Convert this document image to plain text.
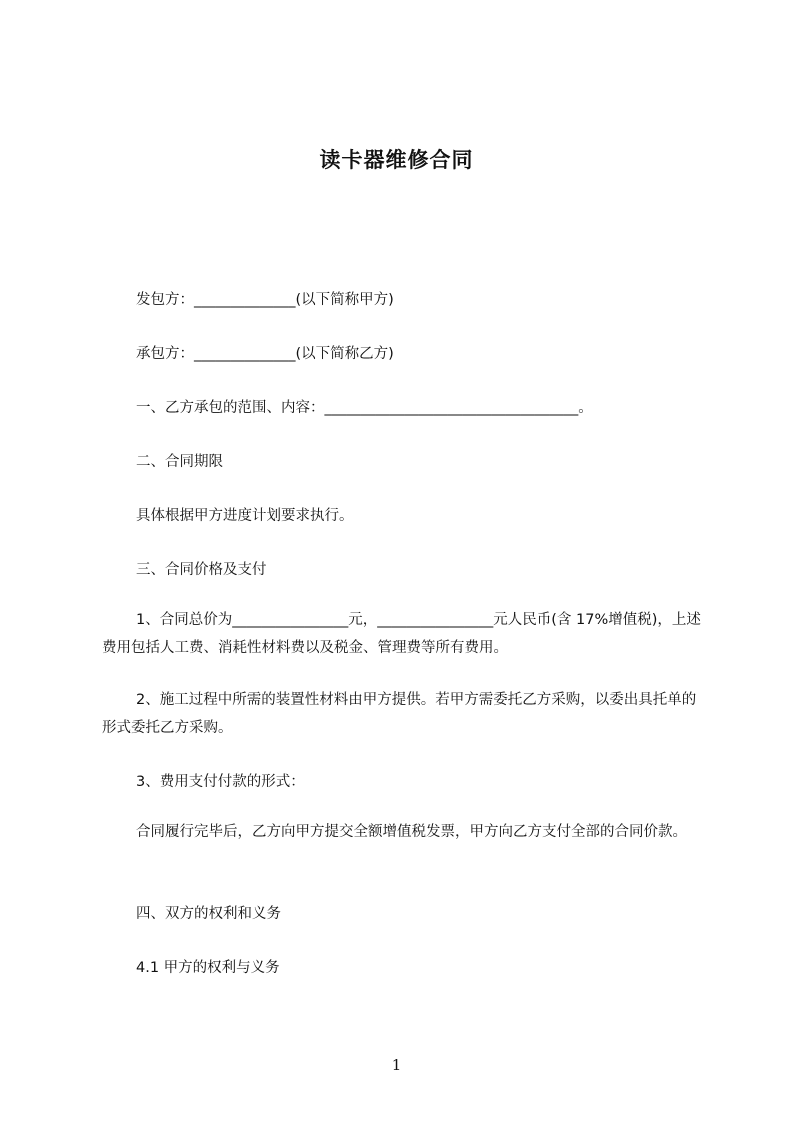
读卡器维修合同
发包方：______________(以下简称甲方)
承包方：______________(以下简称乙方)
一、乙方承包的范围、内容：___________________________________。
二、合同期限
具体根据甲方进度计划要求执行。
三、合同价格及支付
1、合同总价为________________元，________________元人民币(含 17%增值税)，上述费用包括人工费、消耗性材料费以及税金、管理费等所有费用。
2、施工过程中所需的装置性材料由甲方提供。若甲方需委托乙方采购，以委出具托单的形式委托乙方采购。
3、费用支付付款的形式：
合同履行完毕后，乙方向甲方提交全额增值税发票，甲方向乙方支付全部的合同价款。
四、双方的权利和义务
4.1 甲方的权利与义务
1
